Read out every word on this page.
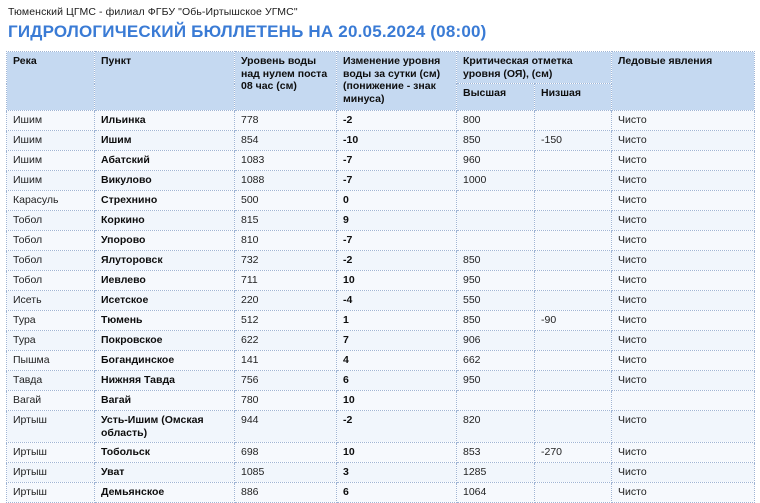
Тюменский ЦГМС - филиал ФГБУ "Обь-Иртышское УГМС"
ГИДРОЛОГИЧЕСКИЙ БЮЛЛЕТЕНЬ НА 20.05.2024 (08:00)
Река	Пункт	Уровень воды над нулем поста 08 час (см)	Изменение уровня воды за сутки (см) (понижение - знак минуса)	Критическая отметка уровня (ОЯ), (см)		Ледовые явления
				Высшая	Низшая	
Ишим	Ильинка	778	-2	800		Чисто
Ишим	Ишим	854	-10	850	-150	Чисто
Ишим	Абатский	1083	-7	960		Чисто
Ишим	Викулово	1088	-7	1000		Чисто
Карасуль	Стрехнино	500	0			Чисто
Тобол	Коркино	815	9			Чисто
Тобол	Упорово	810	-7			Чисто
Тобол	Ялуторовск	732	-2	850		Чисто
Тобол	Иевлево	711	10	950		Чисто
Исеть	Исетское	220	-4	550		Чисто
Тура	Тюмень	512	1	850	-90	Чисто
Тура	Покровское	622	7	906		Чисто
Пышма	Богандинское	141	4	662		Чисто
Тавда	Нижняя Тавда	756	6	950		Чисто
Вагай	Вагай	780	10			
Иртыш	Усть-Ишим (Омская область)	944	-2	820		Чисто
Иртыш	Тобольск	698	10	853	-270	Чисто
Иртыш	Уват	1085	3	1285		Чисто
Иртыш	Демьянское	886	6	1064		Чисто
